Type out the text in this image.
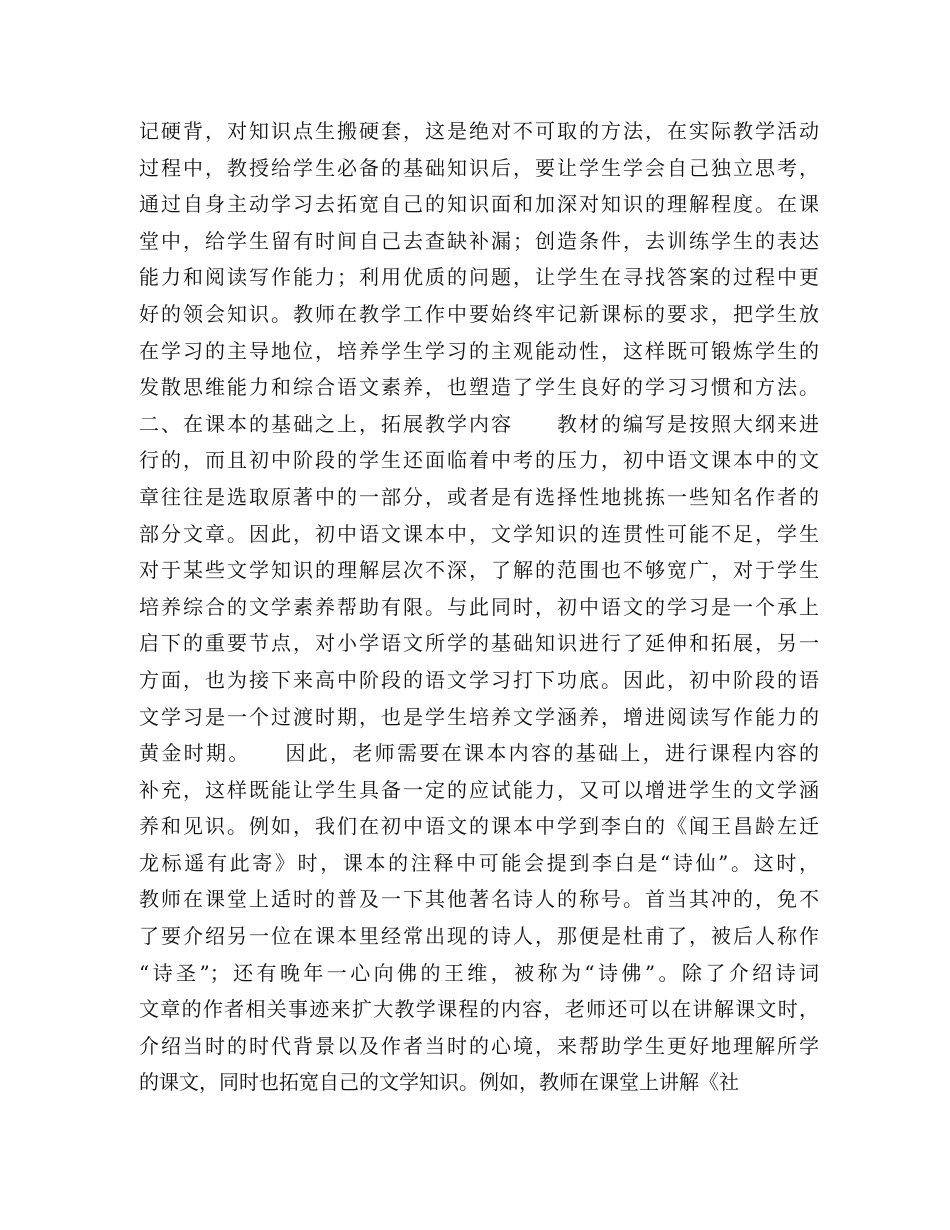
记硬背，对知识点生搬硬套，这是绝对不可取的方法，在实际教学活动
过程中，教授给学生必备的基础知识后，要让学生学会自己独立思考，
通过自身主动学习去拓宽自己的知识面和加深对知识的理解程度。在课
堂中，给学生留有时间自己去查缺补漏；创造条件，去训练学生的表达
能力和阅读写作能力；利用优质的问题，让学生在寻找答案的过程中更
好的领会知识。教师在教学工作中要始终牢记新课标的要求，把学生放
在学习的主导地位，培养学生学习的主观能动性，这样既可锻炼学生的
发散思维能力和综合语文素养，也塑造了学生良好的学习习惯和方法。
二、在课本的基础之上，拓展教学内容　　教材的编写是按照大纲来进
行的，而且初中阶段的学生还面临着中考的压力，初中语文课本中的文
章往往是选取原著中的一部分，或者是有选择性地挑拣一些知名作者的
部分文章。因此，初中语文课本中，文学知识的连贯性可能不足，学生
对于某些文学知识的理解层次不深，了解的范围也不够宽广，对于学生
培养综合的文学素养帮助有限。与此同时，初中语文的学习是一个承上
启下的重要节点，对小学语文所学的基础知识进行了延伸和拓展，另一
方面，也为接下来高中阶段的语文学习打下功底。因此，初中阶段的语
文学习是一个过渡时期，也是学生培养文学涵养，增进阅读写作能力的
黄金时期。　　因此，老师需要在课本内容的基础上，进行课程内容的
补充，这样既能让学生具备一定的应试能力，又可以增进学生的文学涵
养和见识。例如，我们在初中语文的课本中学到李白的《闻王昌龄左迁
龙标遥有此寄》时，课本的注释中可能会提到李白是“诗仙”。这时，
教师在课堂上适时的普及一下其他著名诗人的称号。首当其冲的，免不
了要介绍另一位在课本里经常出现的诗人，那便是杜甫了，被后人称作
“诗圣”；还有晚年一心向佛的王维，被称为“诗佛”。除了介绍诗词
文章的作者相关事迹来扩大教学课程的内容，老师还可以在讲解课文时，
介绍当时的时代背景以及作者当时的心境，来帮助学生更好地理解所学
的课文，同时也拓宽自己的文学知识。例如，教师在课堂上讲解《社
